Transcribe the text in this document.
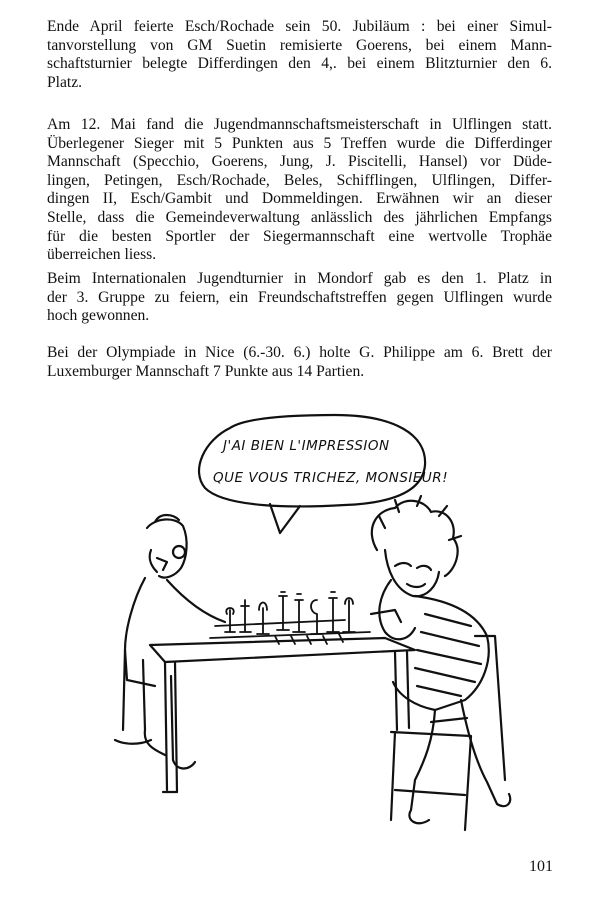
Ende April feierte Esch/Rochade sein 50. Jubiläum : bei einer Simul-
tanvorstellung von GM Suetin remisierte Goerens, bei einem Mann-
schaftsturnier belegte Differdingen den 4,. bei einem Blitzturnier den 6.
Platz.
Am 12. Mai fand die Jugendmannschaftsmeisterschaft in Ulflingen statt.
Überlegener Sieger mit 5 Punkten aus 5 Treffen wurde die Differdinger
Mannschaft (Specchio, Goerens, Jung, J. Piscitelli, Hansel) vor Düde-
lingen, Petingen, Esch/Rochade, Beles, Schifflingen, Ulflingen, Differ-
dingen II, Esch/Gambit und Dommeldingen. Erwähnen wir an dieser
Stelle, dass die Gemeindeverwaltung anlässlich des jährlichen Empfangs
für die besten Sportler der Siegermannschaft eine wertvolle Trophäe
überreichen liess.
Beim Internationalen Jugendturnier in Mondorf gab es den 1. Platz in
der 3. Gruppe zu feiern, ein Freundschaftstreffen gegen Ulflingen wurde
hoch gewonnen.
Bei der Olympiade in Nice (6.-30. 6.) holte G. Philippe am 6. Brett der
Luxemburger Mannschaft 7 Punkte aus 14 Partien.
J'AI BIEN L'IMPRESSION
QUE VOUS TRICHEZ, MONSIEUR!
101
